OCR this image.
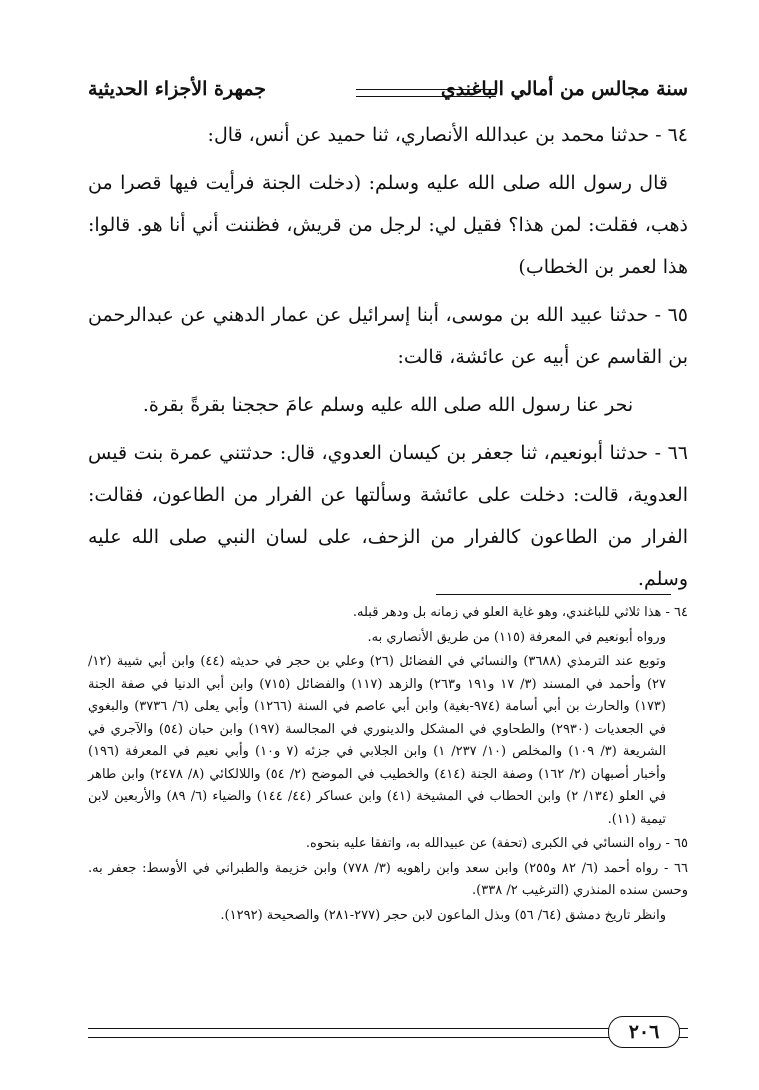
سنة مجالس من أمالي الباغندي
جمهرة الأجزاء الحديثية

٦٤ - حدثنا محمد بن عبدالله الأنصاري، ثنا حميد عن أنس، قال:

قال رسول الله صلى الله عليه وسلم: (دخلت الجنة فرأيت فيها قصرا من ذهب، فقلت: لمن هذا؟ فقيل لي: لرجل من قريش، فظننت أني أنا هو. قالوا: هذا لعمر بن الخطاب)

٦٥ - حدثنا عبيد الله بن موسى، أبنا إسرائيل عن عمار الدهني عن عبدالرحمن بن القاسم عن أبيه عن عائشة، قالت:

نحر عنا رسول الله صلى الله عليه وسلم عامَ حججنا بقرةً بقرة.

٦٦ - حدثنا أبونعيم، ثنا جعفر بن كيسان العدوي، قال: حدثتني عمرة بنت قيس العدوية، قالت: دخلت على عائشة وسألتها عن الفرار من الطاعون، فقالت: الفرار من الطاعون كالفرار من الزحف، على لسان النبي صلى الله عليه وسلم.

٦٤ - هذا ثلاثي للباغندي، وهو غاية العلو في زمانه بل ودهر قبله.

ورواه أبونعيم في المعرفة (١١٥) من طريق الأنصاري به.

وتوبع عند الترمذي (٣٦٨٨) والنسائي في الفضائل (٢٦) وعلي بن حجر في حديثه (٤٤) وابن أبي شيبة (١٢/ ٢٧) وأحمد في المسند (٣/ ١٧ و١٩١ و٢٦٣) والزهد (١١٧) والفضائل (٧١٥) وابن أبي الدنيا في صفة الجنة (١٧٣) والحارث بن أبي أسامة (٩٧٤-بغية) وابن أبي عاصم في السنة (١٢٦٦) وأبي يعلى (٦/ ٣٧٣٦) والبغوي في الجعديات (٢٩٣٠) والطحاوي في المشكل والدينوري في المجالسة (١٩٧) وابن حبان (٥٤) والآجري في الشريعة (٣/ ١٠٩) والمخلص (١٠/ ٢٣٧/ ١) وابن الجلابي في جزئه (٧ و١٠) وأبي نعيم في المعرفة (١٩٦) وأخبار أصبهان (٢/ ١٦٢) وصفة الجنة (٤١٤) والخطيب في الموضح (٢/ ٥٤) واللالكائي (٨/ ٢٤٧٨) وابن طاهر في العلو (١٣٤/ ٢) وابن الحطاب في المشيخة (٤١) وابن عساكر (٤٤/ ١٤٤) والضياء (٦/ ٨٩) والأربعين لابن تيمية (١١).

٦٥ - رواه النسائي في الكبرى (تحفة) عن عبيدالله به، واتفقا عليه بنحوه.

٦٦ - رواه أحمد (٦/ ٨٢ و٢٥٥) وابن سعد وابن راهويه (٣/ ٧٧٨) وابن خزيمة والطبراني في الأوسط: جعفر به. وحسن سنده المنذري (الترغيب ٢/ ٣٣٨).

وانظر تاريخ دمشق (٦٤/ ٥٦) وبذل الماعون لابن حجر (٢٧٧-٢٨١) والصحيحة (١٢٩٢).

٢٠٦
